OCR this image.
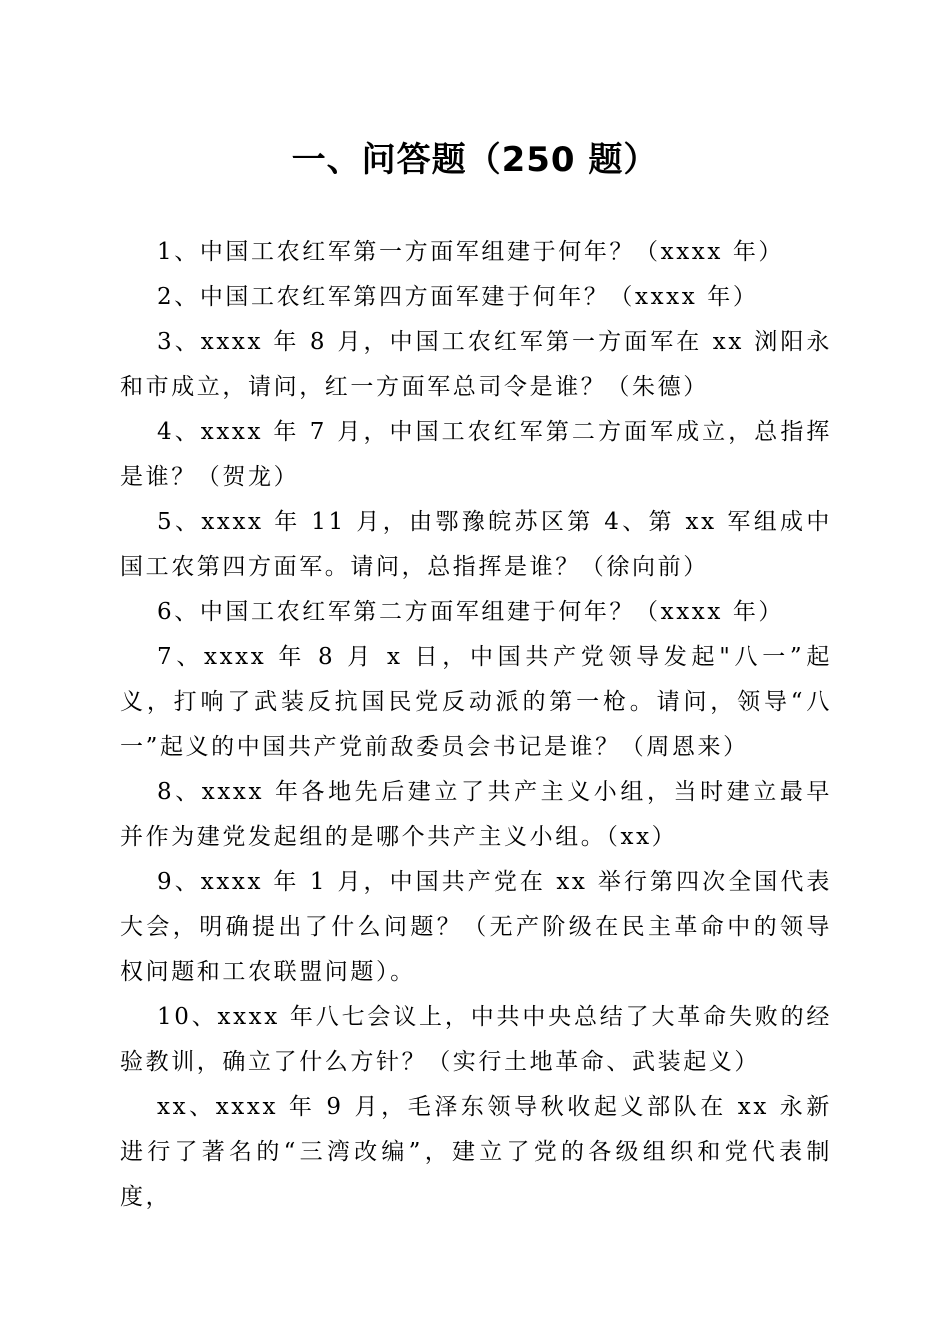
一、问答题（250 题）

1、中国工农红军第一方面军组建于何年？（xxxx 年）

2、中国工农红军第四方面军建于何年？（xxxx 年）

3、xxxx 年 8 月，中国工农红军第一方面军在 xx 浏阳永和市成立，请问，红一方面军总司令是谁？（朱德）

4、xxxx 年 7 月，中国工农红军第二方面军成立，总指挥是谁？（贺龙）

5、xxxx 年 11 月，由鄂豫皖苏区第 4、第 xx 军组成中国工农第四方面军。请问，总指挥是谁？（徐向前）

6、中国工农红军第二方面军组建于何年？（xxxx 年）

7、xxxx 年 8 月 x 日，中国共产党领导发起"八一”起义，打响了武装反抗国民党反动派的第一枪。请问，领导“八一”起义的中国共产党前敌委员会书记是谁？（周恩来）

8、xxxx 年各地先后建立了共产主义小组，当时建立最早并作为建党发起组的是哪个共产主义小组。（xx）

9、xxxx 年 1 月，中国共产党在 xx 举行第四次全国代表大会，明确提出了什么问题？（无产阶级在民主革命中的领导权问题和工农联盟问题）。

10、xxxx 年八七会议上，中共中央总结了大革命失败的经验教训，确立了什么方针？（实行土地革命、武装起义）

xx、xxxx 年 9 月，毛泽东领导秋收起义部队在 xx 永新进行了著名的“三湾改编”，建立了党的各级组织和党代表制度，
